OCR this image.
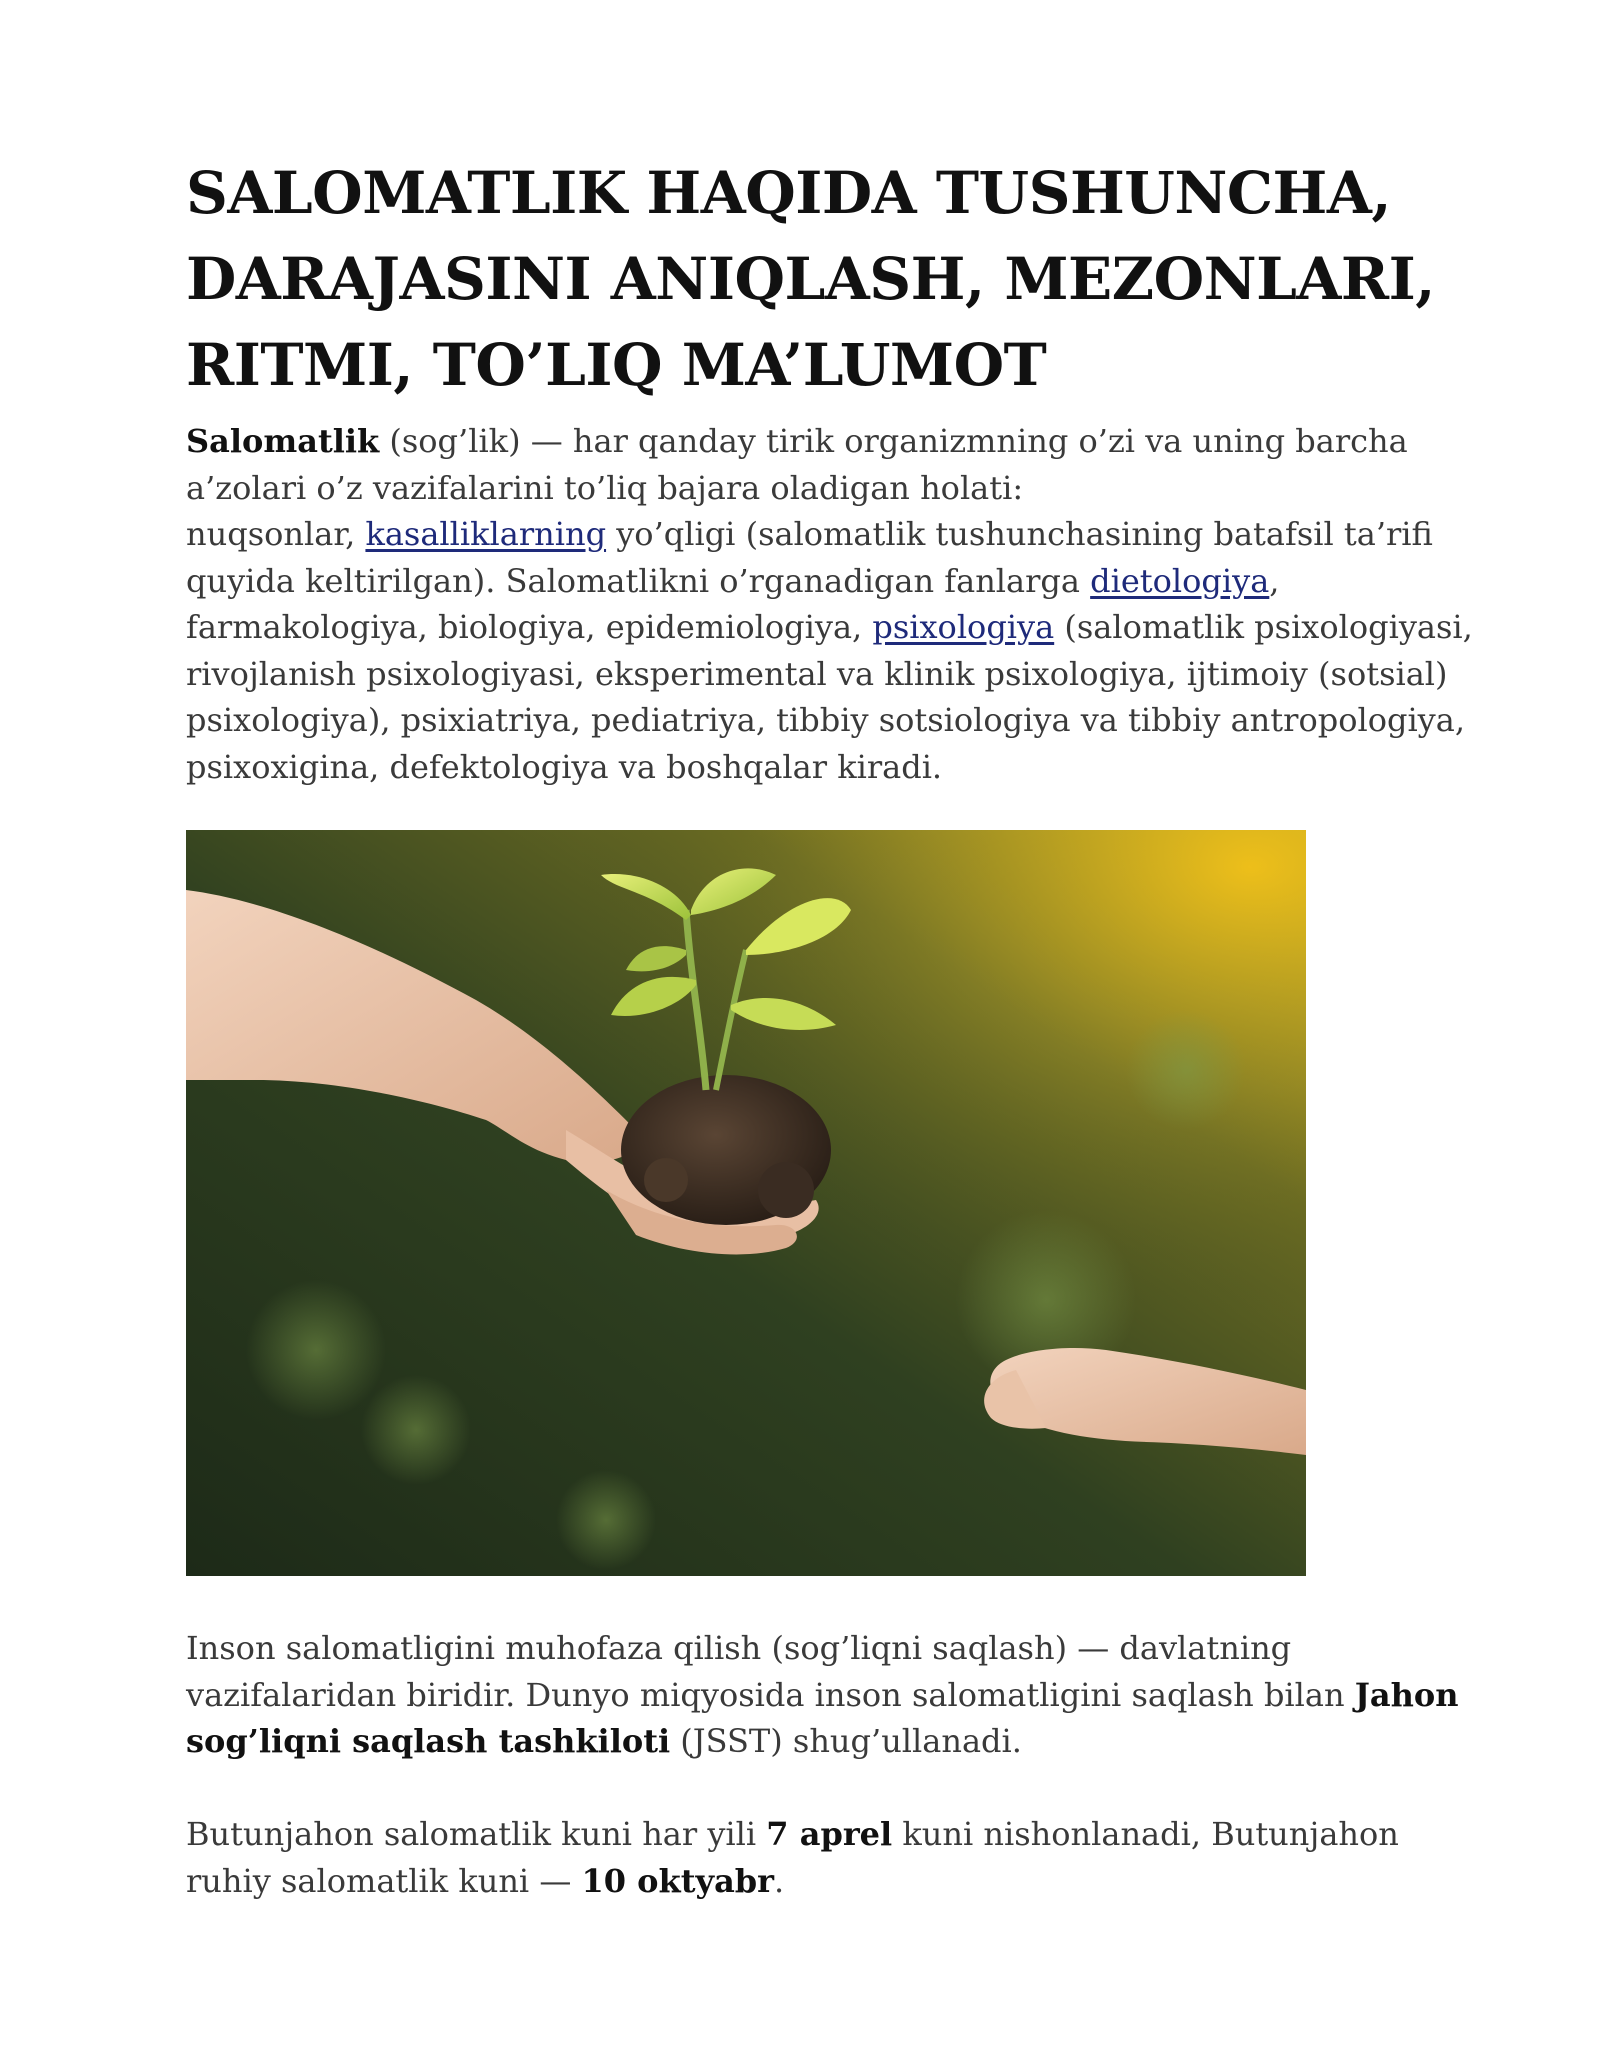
SALOMATLIK HAQIDA TUSHUNCHA,
DARAJASINI ANIQLASH, MEZONLARI,
RITMI, TO’LIQ MA’LUMOT

Salomatlik (sog’lik) — har qanday tirik organizmning o’zi va uning barcha
a’zolari o’z vazifalarini to’liq bajara oladigan holati:
nuqsonlar, kasalliklarning yo’qligi (salomatlik tushunchasining batafsil ta’rifi
quyida keltirilgan). Salomatlikni o’rganadigan fanlarga dietologiya,
farmakologiya, biologiya, epidemiologiya, psixologiya (salomatlik psixologiyasi,
rivojlanish psixologiyasi, eksperimental va klinik psixologiya, ijtimoiy (sotsial)
psixologiya), psixiatriya, pediatriya, tibbiy sotsiologiya va tibbiy antropologiya,
psixoxigina, defektologiya va boshqalar kiradi.

Inson salomatligini muhofaza qilish (sog’liqni saqlash) — davlatning
vazifalaridan biridir. Dunyo miqyosida inson salomatligini saqlash bilan Jahon
sog’liqni saqlash tashkiloti (JSST) shug’ullanadi.

Butunjahon salomatlik kuni har yili 7 aprel kuni nishonlanadi, Butunjahon
ruhiy salomatlik kuni — 10 oktyabr.
